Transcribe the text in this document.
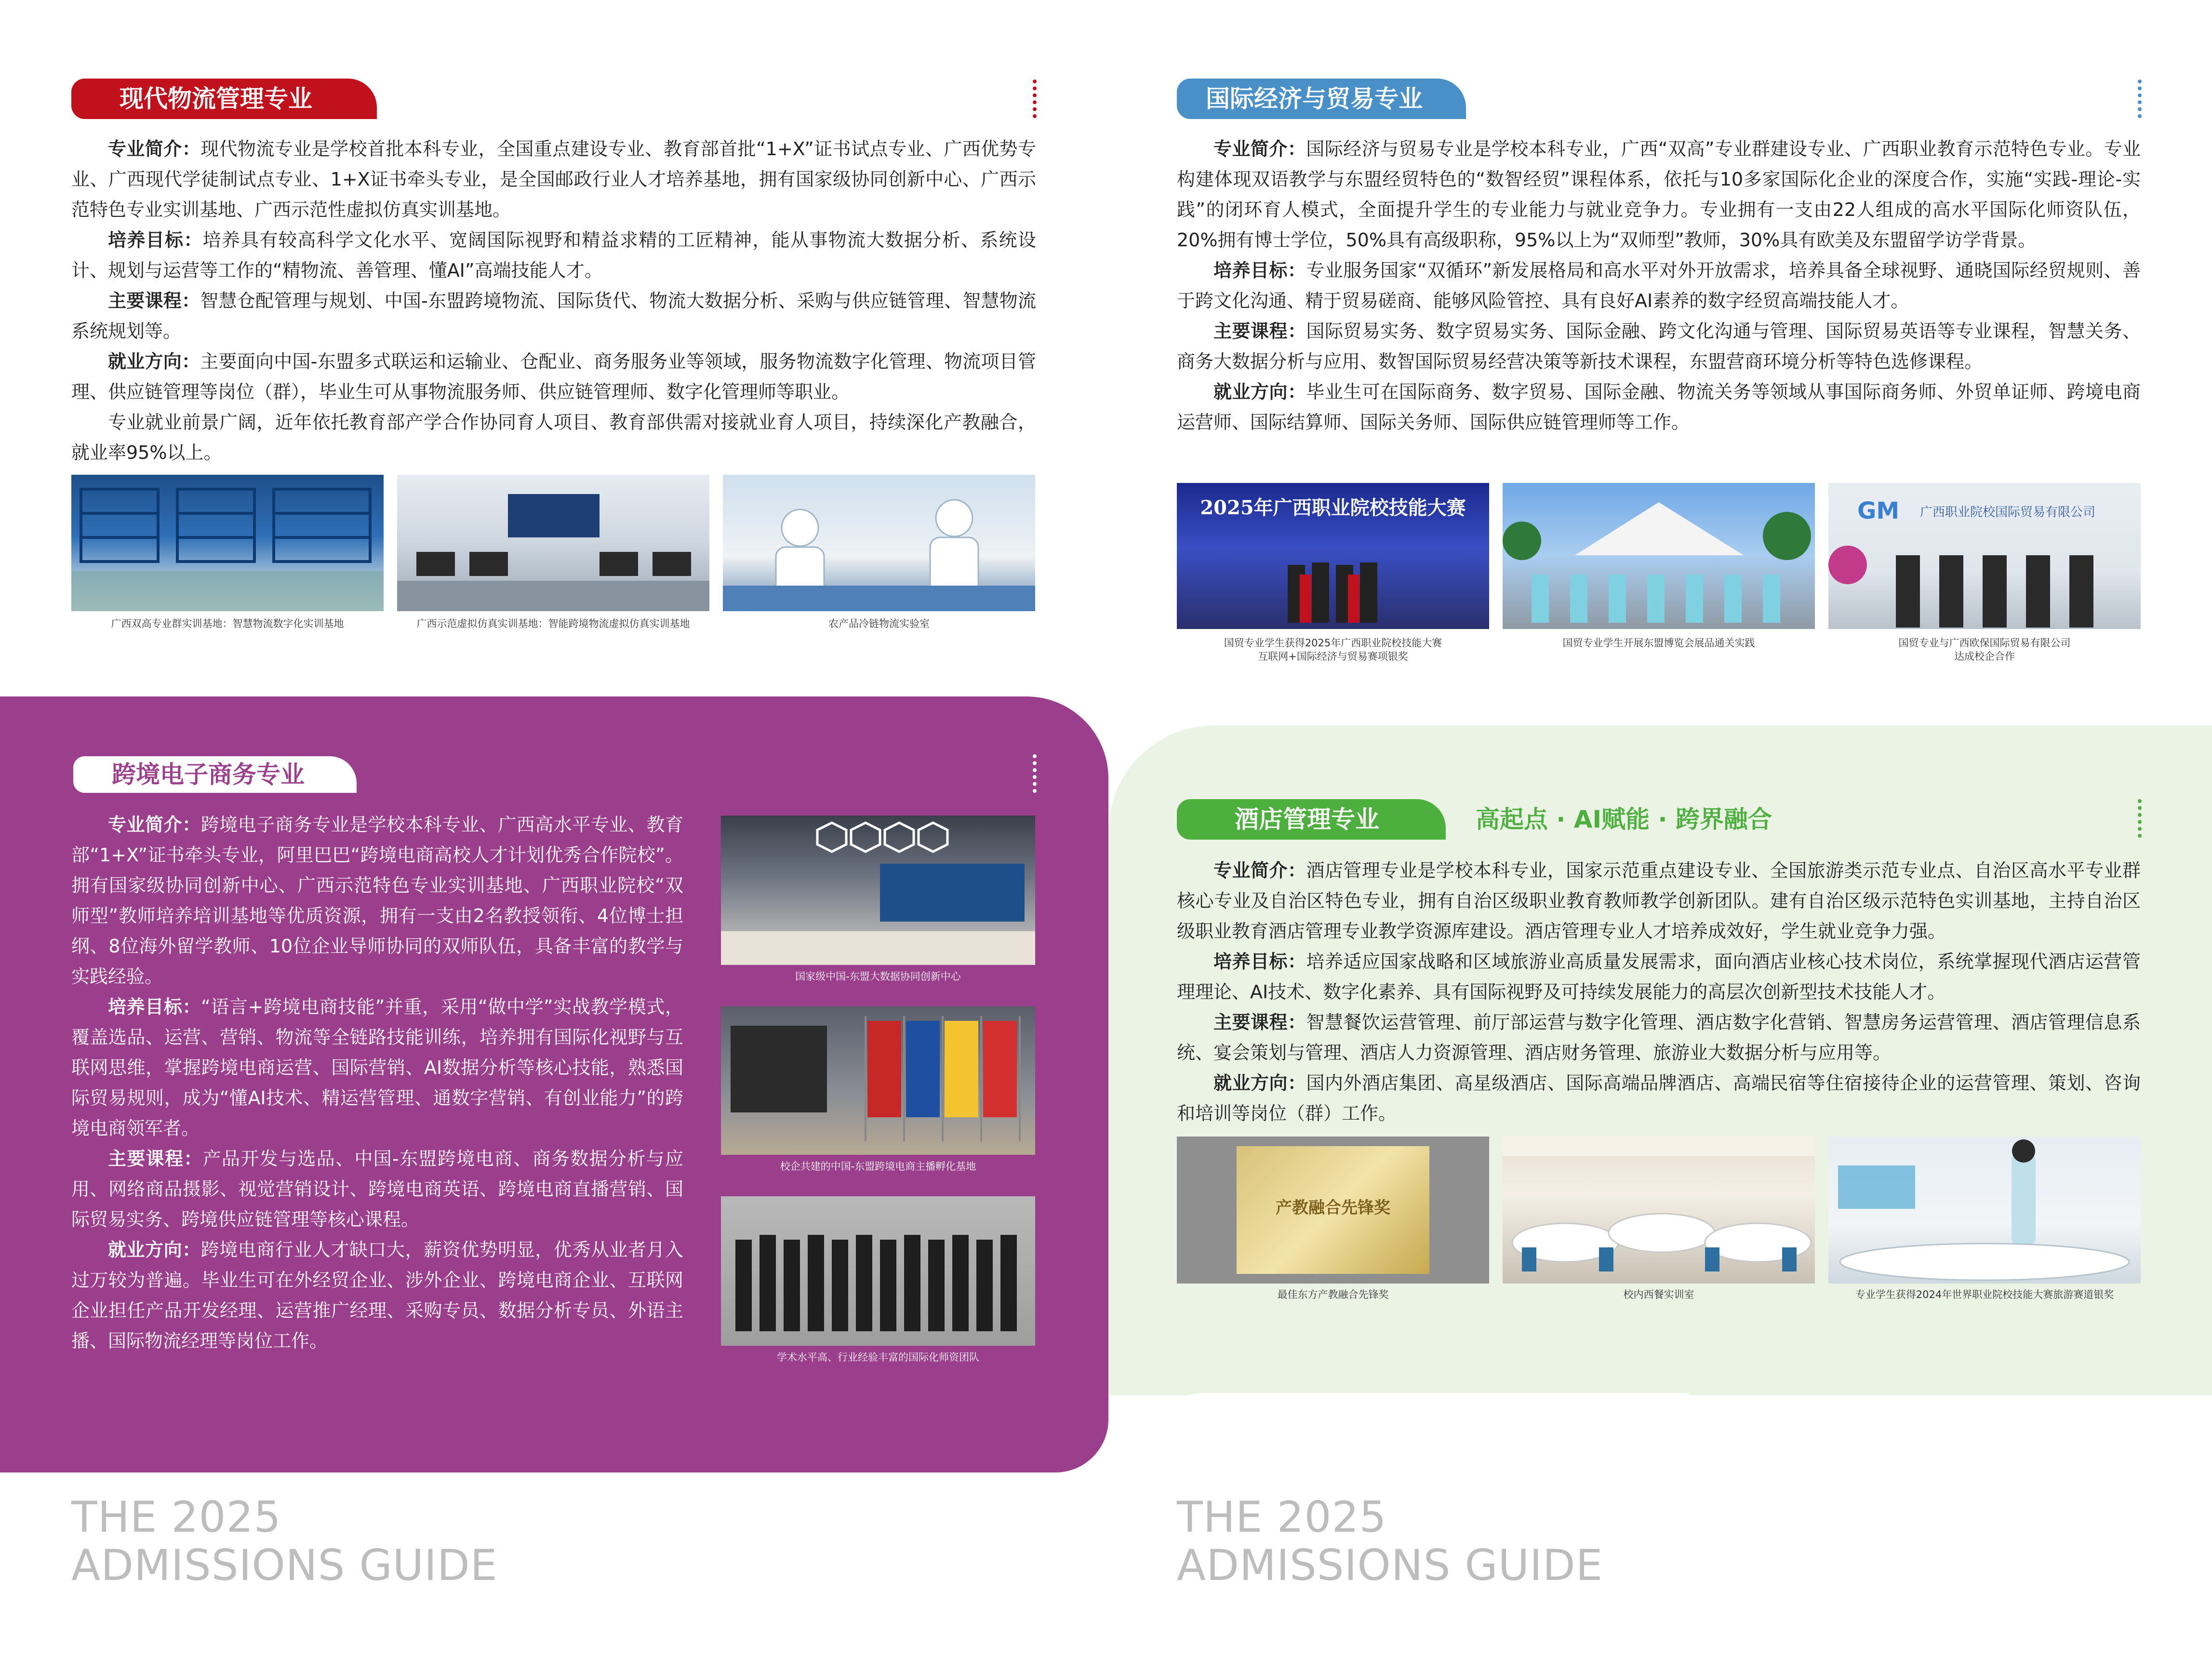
现代物流管理专业

专业简介：现代物流专业是学校首批本科专业，全国重点建设专业、教育部首批“1+X”证书试点专业、广西优势专业、广西现代学徒制试点专业、1+X证书牵头专业，是全国邮政行业人才培养基地，拥有国家级协同创新中心、广西示范特色专业实训基地、广西示范性虚拟仿真实训基地。

培养目标：培养具有较高科学文化水平、宽阔国际视野和精益求精的工匠精神，能从事物流大数据分析、系统设计、规划与运营等工作的“精物流、善管理、懂AI”高端技能人才。

主要课程：智慧仓配管理与规划、中国-东盟跨境物流、国际货代、物流大数据分析、采购与供应链管理、智慧物流系统规划等。

就业方向：主要面向中国-东盟多式联运和运输业、仓配业、商务服务业等领域，服务物流数字化管理、物流项目管理、供应链管理等岗位（群），毕业生可从事物流服务师、供应链管理师、数字化管理师等职业。

专业就业前景广阔，近年依托教育部产学合作协同育人项目、教育部供需对接就业育人项目，持续深化产教融合，就业率95%以上。

广西双高专业群实训基地：智慧物流数字化实训基地	广西示范虚拟仿真实训基地：智能跨境物流虚拟仿真实训基地	农产品冷链物流实验室
国际经济与贸易专业

专业简介：国际经济与贸易专业是学校本科专业，广西“双高”专业群建设专业、广西职业教育示范特色专业。专业构建体现双语教学与东盟经贸特色的“数智经贸”课程体系，依托与10多家国际化企业的深度合作，实施“实践-理论-实践”的闭环育人模式，全面提升学生的专业能力与就业竞争力。专业拥有一支由22人组成的高水平国际化师资队伍，20%拥有博士学位，50%具有高级职称，95%以上为“双师型”教师，30%具有欧美及东盟留学访学背景。

培养目标：专业服务国家“双循环”新发展格局和高水平对外开放需求，培养具备全球视野、通晓国际经贸规则、善于跨文化沟通、精于贸易磋商、能够风险管控、具有良好AI素养的数字经贸高端技能人才。

主要课程：国际贸易实务、数字贸易实务、国际金融、跨文化沟通与管理、国际贸易英语等专业课程，智慧关务、商务大数据分析与应用、数智国际贸易经营决策等新技术课程，东盟营商环境分析等特色选修课程。

就业方向：毕业生可在国际商务、数字贸易、国际金融、物流关务等领域从事国际商务师、外贸单证师、跨境电商运营师、国际结算师、国际关务师、国际供应链管理师等工作。

2025年广西职业院校技能大赛
国贸专业学生获得2025年广西职业院校技能大赛
互联网+国际经济与贸易赛项银奖
国贸专业学生开展东盟博览会展品通关实践
GM 广西职业院校国际贸易有限公司
国贸专业与广西欧保国际贸易有限公司
达成校企合作
跨境电子商务专业

专业简介：跨境电子商务专业是学校本科专业、广西高水平专业、教育部“1+X”证书牵头专业，阿里巴巴“跨境电商高校人才计划优秀合作院校”。拥有国家级协同创新中心、广西示范特色专业实训基地、广西职业院校“双师型”教师培养培训基地等优质资源，拥有一支由2名教授领衔、4位博士担纲、8位海外留学教师、10位企业导师协同的双师队伍，具备丰富的教学与实践经验。

培养目标：“语言+跨境电商技能”并重，采用“做中学”实战教学模式，覆盖选品、运营、营销、物流等全链路技能训练，培养拥有国际化视野与互联网思维，掌握跨境电商运营、国际营销、AI数据分析等核心技能，熟悉国际贸易规则，成为“懂AI技术、精运营管理、通数字营销、有创业能力”的跨境电商领军者。

主要课程：产品开发与选品、中国-东盟跨境电商、商务数据分析与应用、网络商品摄影、视觉营销设计、跨境电商英语、跨境电商直播营销、国际贸易实务、跨境供应链管理等核心课程。

就业方向：跨境电商行业人才缺口大，薪资优势明显，优秀从业者月入过万较为普遍。毕业生可在外经贸企业、涉外企业、跨境电商企业、互联网企业担任产品开发经理、运营推广经理、采购专员、数据分析专员、外语主播、国际物流经理等岗位工作。

国家级中国-东盟大数据协同创新中心
校企共建的中国-东盟跨境电商主播孵化基地
学术水平高、行业经验丰富的国际化师资团队
酒店管理专业	高起点 · AI赋能 · 跨界融合

专业简介：酒店管理专业是学校本科专业，国家示范重点建设专业、全国旅游类示范专业点、自治区高水平专业群核心专业及自治区特色专业，拥有自治区级职业教育教师教学创新团队。建有自治区级示范特色实训基地，主持自治区级职业教育酒店管理专业教学资源库建设。酒店管理专业人才培养成效好，学生就业竞争力强。

培养目标：培养适应国家战略和区域旅游业高质量发展需求，面向酒店业核心技术岗位，系统掌握现代酒店运营管理理论、AI技术、数字化素养、具有国际视野及可持续发展能力的高层次创新型技术技能人才。

主要课程：智慧餐饮运营管理、前厅部运营与数字化管理、酒店数字化营销、智慧房务运营管理、酒店管理信息系统、宴会策划与管理、酒店人力资源管理、酒店财务管理、旅游业大数据分析与应用等。

就业方向：国内外酒店集团、高星级酒店、国际高端品牌酒店、高端民宿等住宿接待企业的运营管理、策划、咨询和培训等岗位（群）工作。

产教融合先锋奖
最佳东方产教融合先锋奖	校内西餐实训室	专业学生获得2024年世界职业院校技能大赛旅游赛道银奖
THE 2025
ADMISSIONS GUIDE
THE 2025
ADMISSIONS GUIDE
